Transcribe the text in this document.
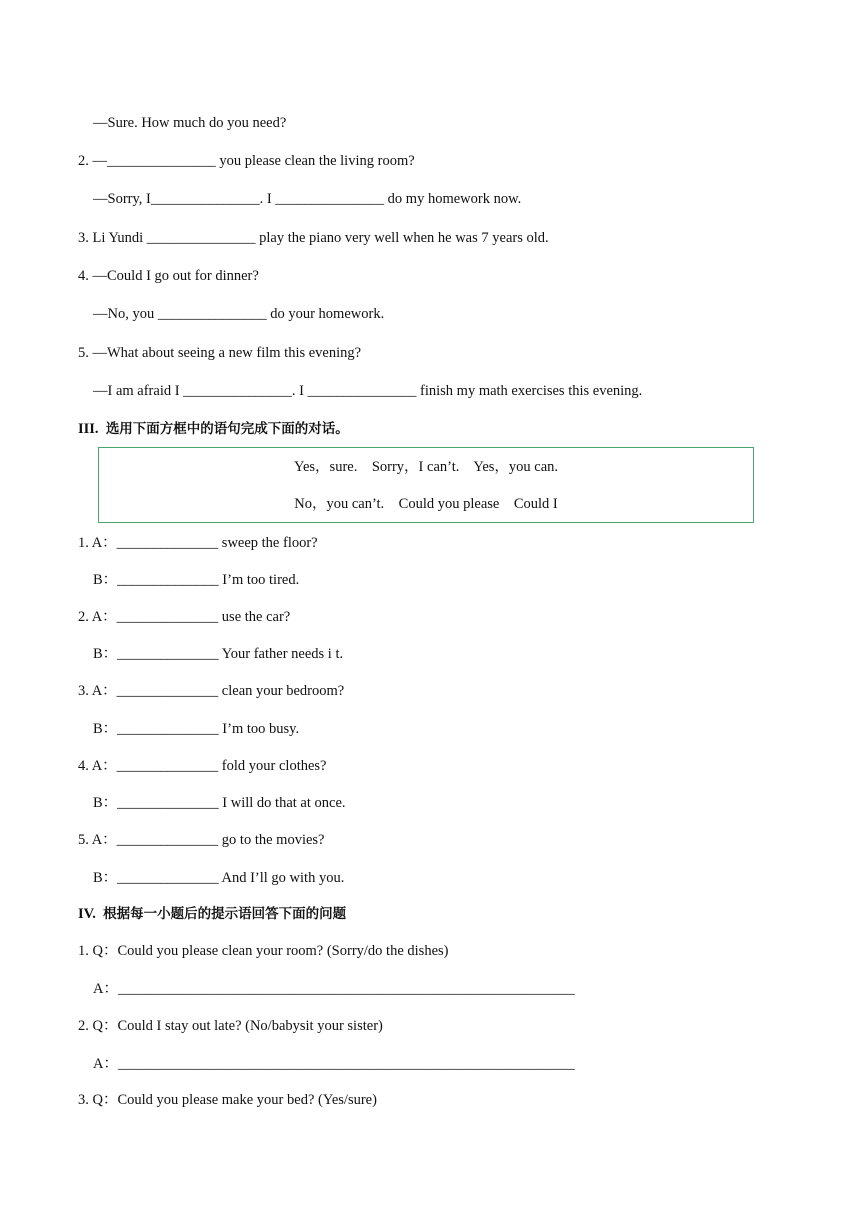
—Sure. How much do you need?
2. —_______________ you please clean the living room?
—Sorry, I_______________. I _______________ do my homework now.
3. Li Yundi _______________ play the piano very well when he was 7 years old.
4. —Could I go out for dinner?
—No, you _______________ do your homework.
5. —What about seeing a new film this evening?
—I am afraid I _______________. I _______________ finish my math exercises this evening.
III. 选用下面方框中的语句完成下面的对话。
Yes，sure.    Sorry，I can’t.    Yes，you can.
No，you can’t.    Could you please    Could I
1. A：______________ sweep the floor?
B：______________ I’m too tired.
2. A：______________ use the car?
B：______________ Your father needs i t.
3. A：______________ clean your bedroom?
B：______________ I’m too busy.
4. A：______________ fold your clothes?
B：______________ I will do that at once.
5. A：______________ go to the movies?
B：______________ And I’ll go with you.
IV. 根据每一小题后的提示语回答下面的问题
1. Q：Could you please clean your room? (Sorry/do the dishes)
A：_______________________________________________________________
2. Q：Could I stay out late? (No/babysit your sister)
A：_______________________________________________________________
3. Q：Could you please make your bed? (Yes/sure)
